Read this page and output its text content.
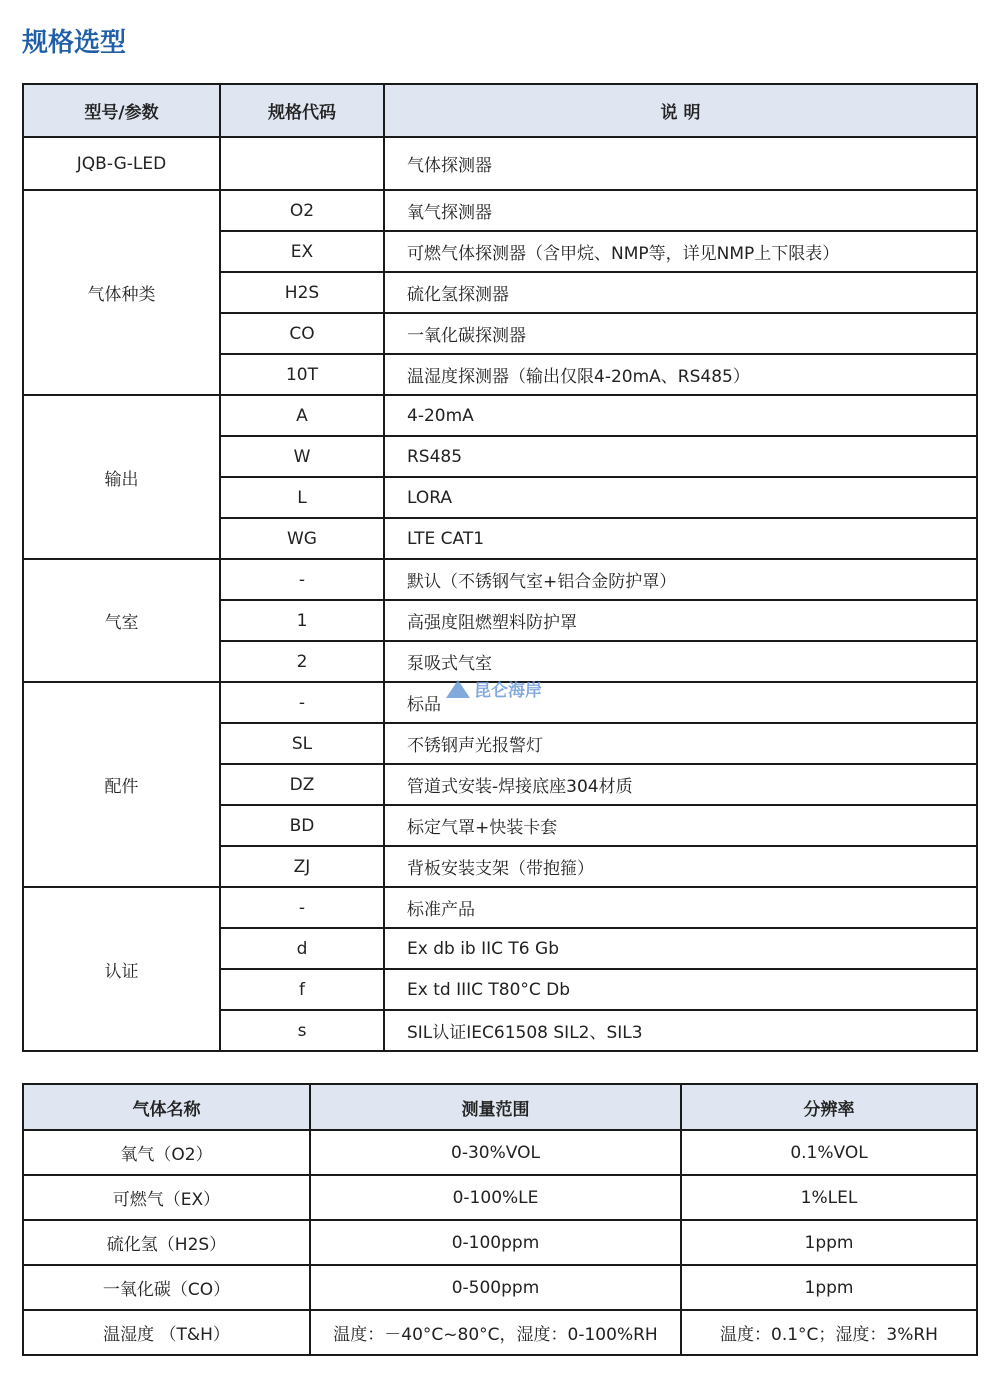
规格选型
型号/参数	规格代码	说 明
JQB-G-LED		气体探测器
气体种类	O2	氧气探测器
	EX	可燃气体探测器（含甲烷、NMP等，详见NMP上下限表）
	H2S	硫化氢探测器
	CO	一氧化碳探测器
	10T	温湿度探测器（输出仅限4-20mA、RS485）
输出	A	4-20mA
	W	RS485
	L	LORA
	WG	LTE CAT1
气室	-	默认（不锈钢气室+铝合金防护罩）
	1	高强度阻燃塑料防护罩
	2	泵吸式气室
配件	-	标品
	SL	不锈钢声光报警灯
	DZ	管道式安装-焊接底座304材质
	BD	标定气罩+快装卡套
	ZJ	背板安装支架（带抱箍）
认证	-	标准产品
	d	Ex db ib IIC T6 Gb
	f	Ex td IIIC T80°C Db
	s	SIL认证IEC61508 SIL2、SIL3
气体名称	测量范围	分辨率
氧气（O2）	0-30%VOL	0.1%VOL
可燃气（EX）	0-100%LE	1%LEL
硫化氢（H2S）	0-100ppm	1ppm
一氧化碳（CO）	0-500ppm	1ppm
温湿度 （T&H）	温度：－40°C~80°C，湿度：0-100%RH	温度：0.1°C；湿度：3%RH
昆仑海岸
